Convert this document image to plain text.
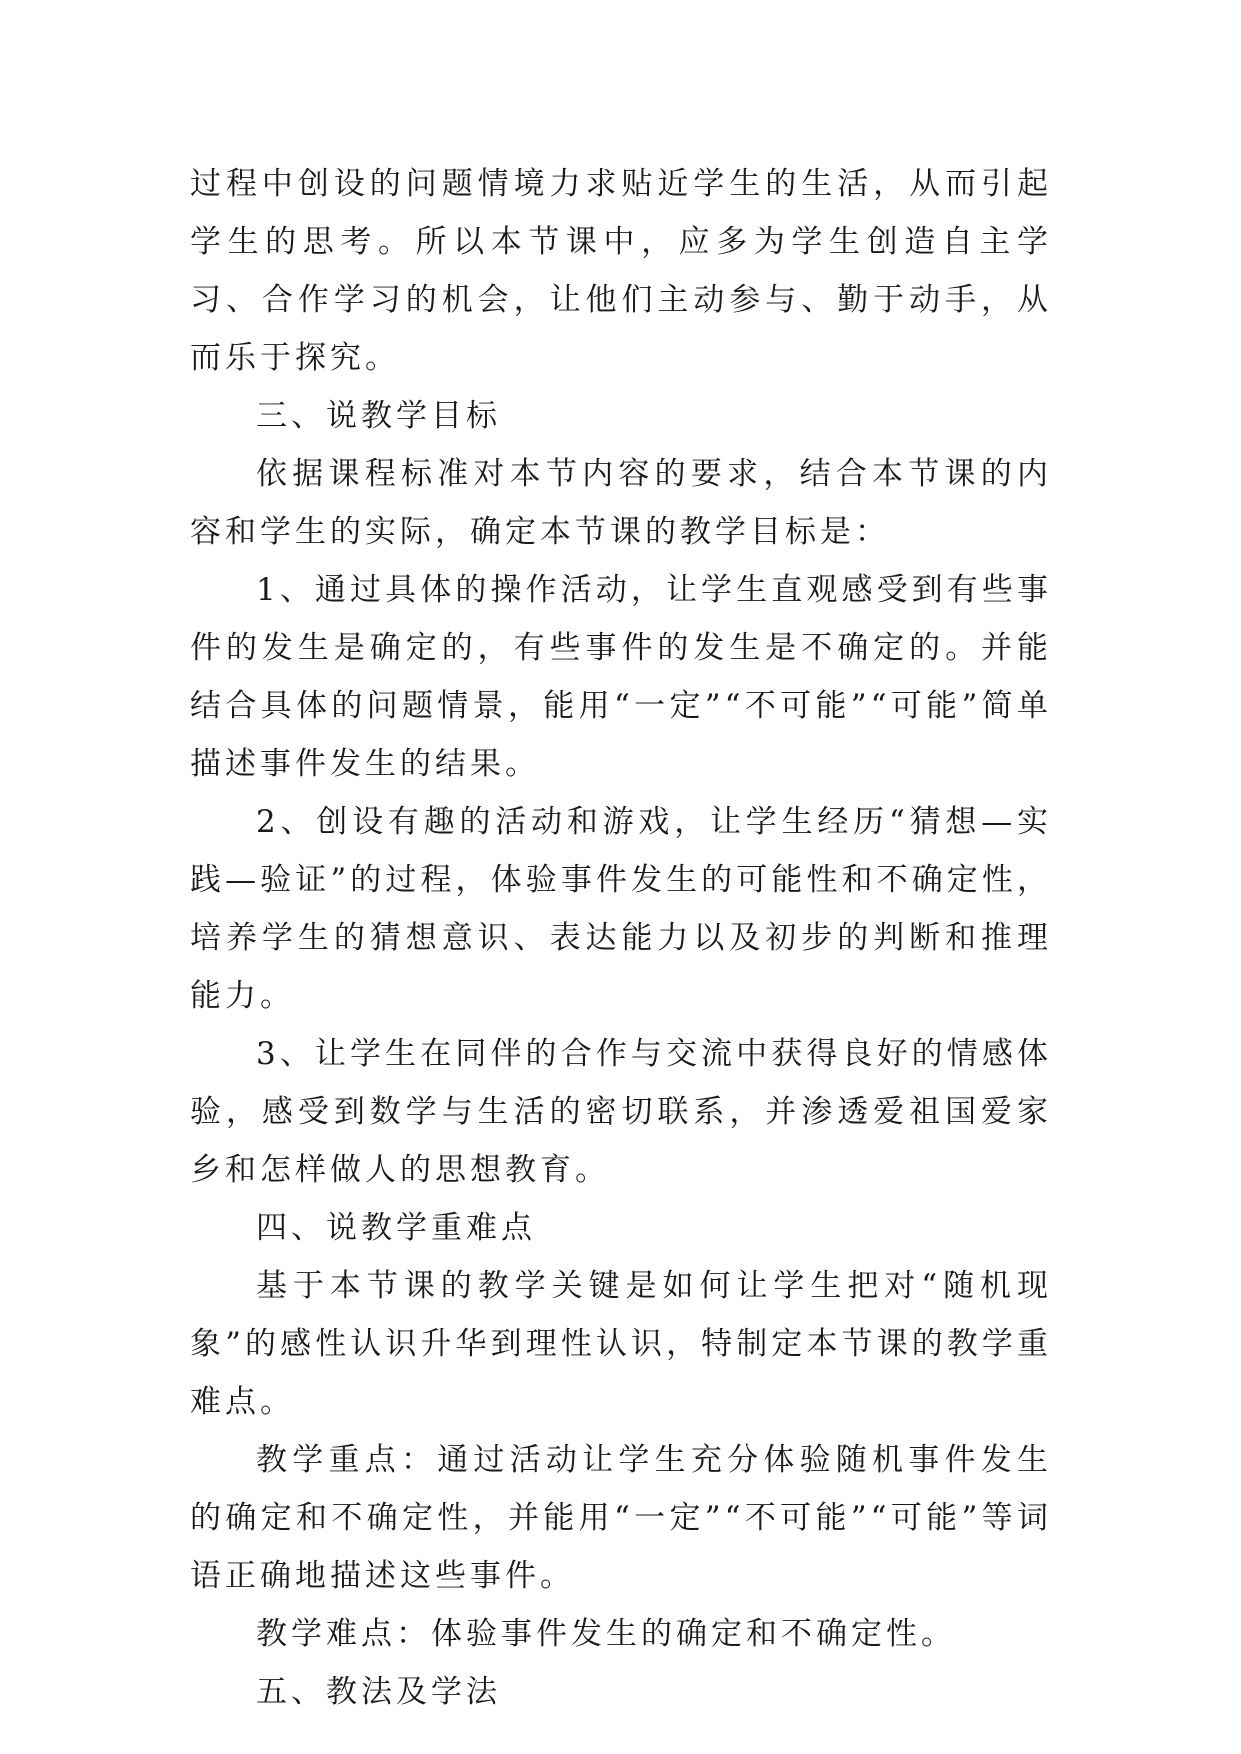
过程中创设的问题情境力求贴近学生的生活，从而引起学生的思考。所以本节课中，应多为学生创造自主学习、合作学习的机会，让他们主动参与、勤于动手，从而乐于探究。

三、说教学目标

依据课程标准对本节内容的要求，结合本节课的内容和学生的实际，确定本节课的教学目标是：

1、通过具体的操作活动，让学生直观感受到有些事件的发生是确定的，有些事件的发生是不确定的。并能结合具体的问题情景，能用“一定”“不可能”“可能”简单描述事件发生的结果。

2、创设有趣的活动和游戏，让学生经历“猜想—实践—验证”的过程，体验事件发生的可能性和不确定性，培养学生的猜想意识、表达能力以及初步的判断和推理能力。

3、让学生在同伴的合作与交流中获得良好的情感体验，感受到数学与生活的密切联系，并渗透爱祖国爱家乡和怎样做人的思想教育。

四、说教学重难点

基于本节课的教学关键是如何让学生把对“随机现象”的感性认识升华到理性认识，特制定本节课的教学重难点。

教学重点：通过活动让学生充分体验随机事件发生的确定和不确定性，并能用“一定”“不可能”“可能”等词语正确地描述这些事件。

教学难点：体验事件发生的确定和不确定性。

五、教法及学法
